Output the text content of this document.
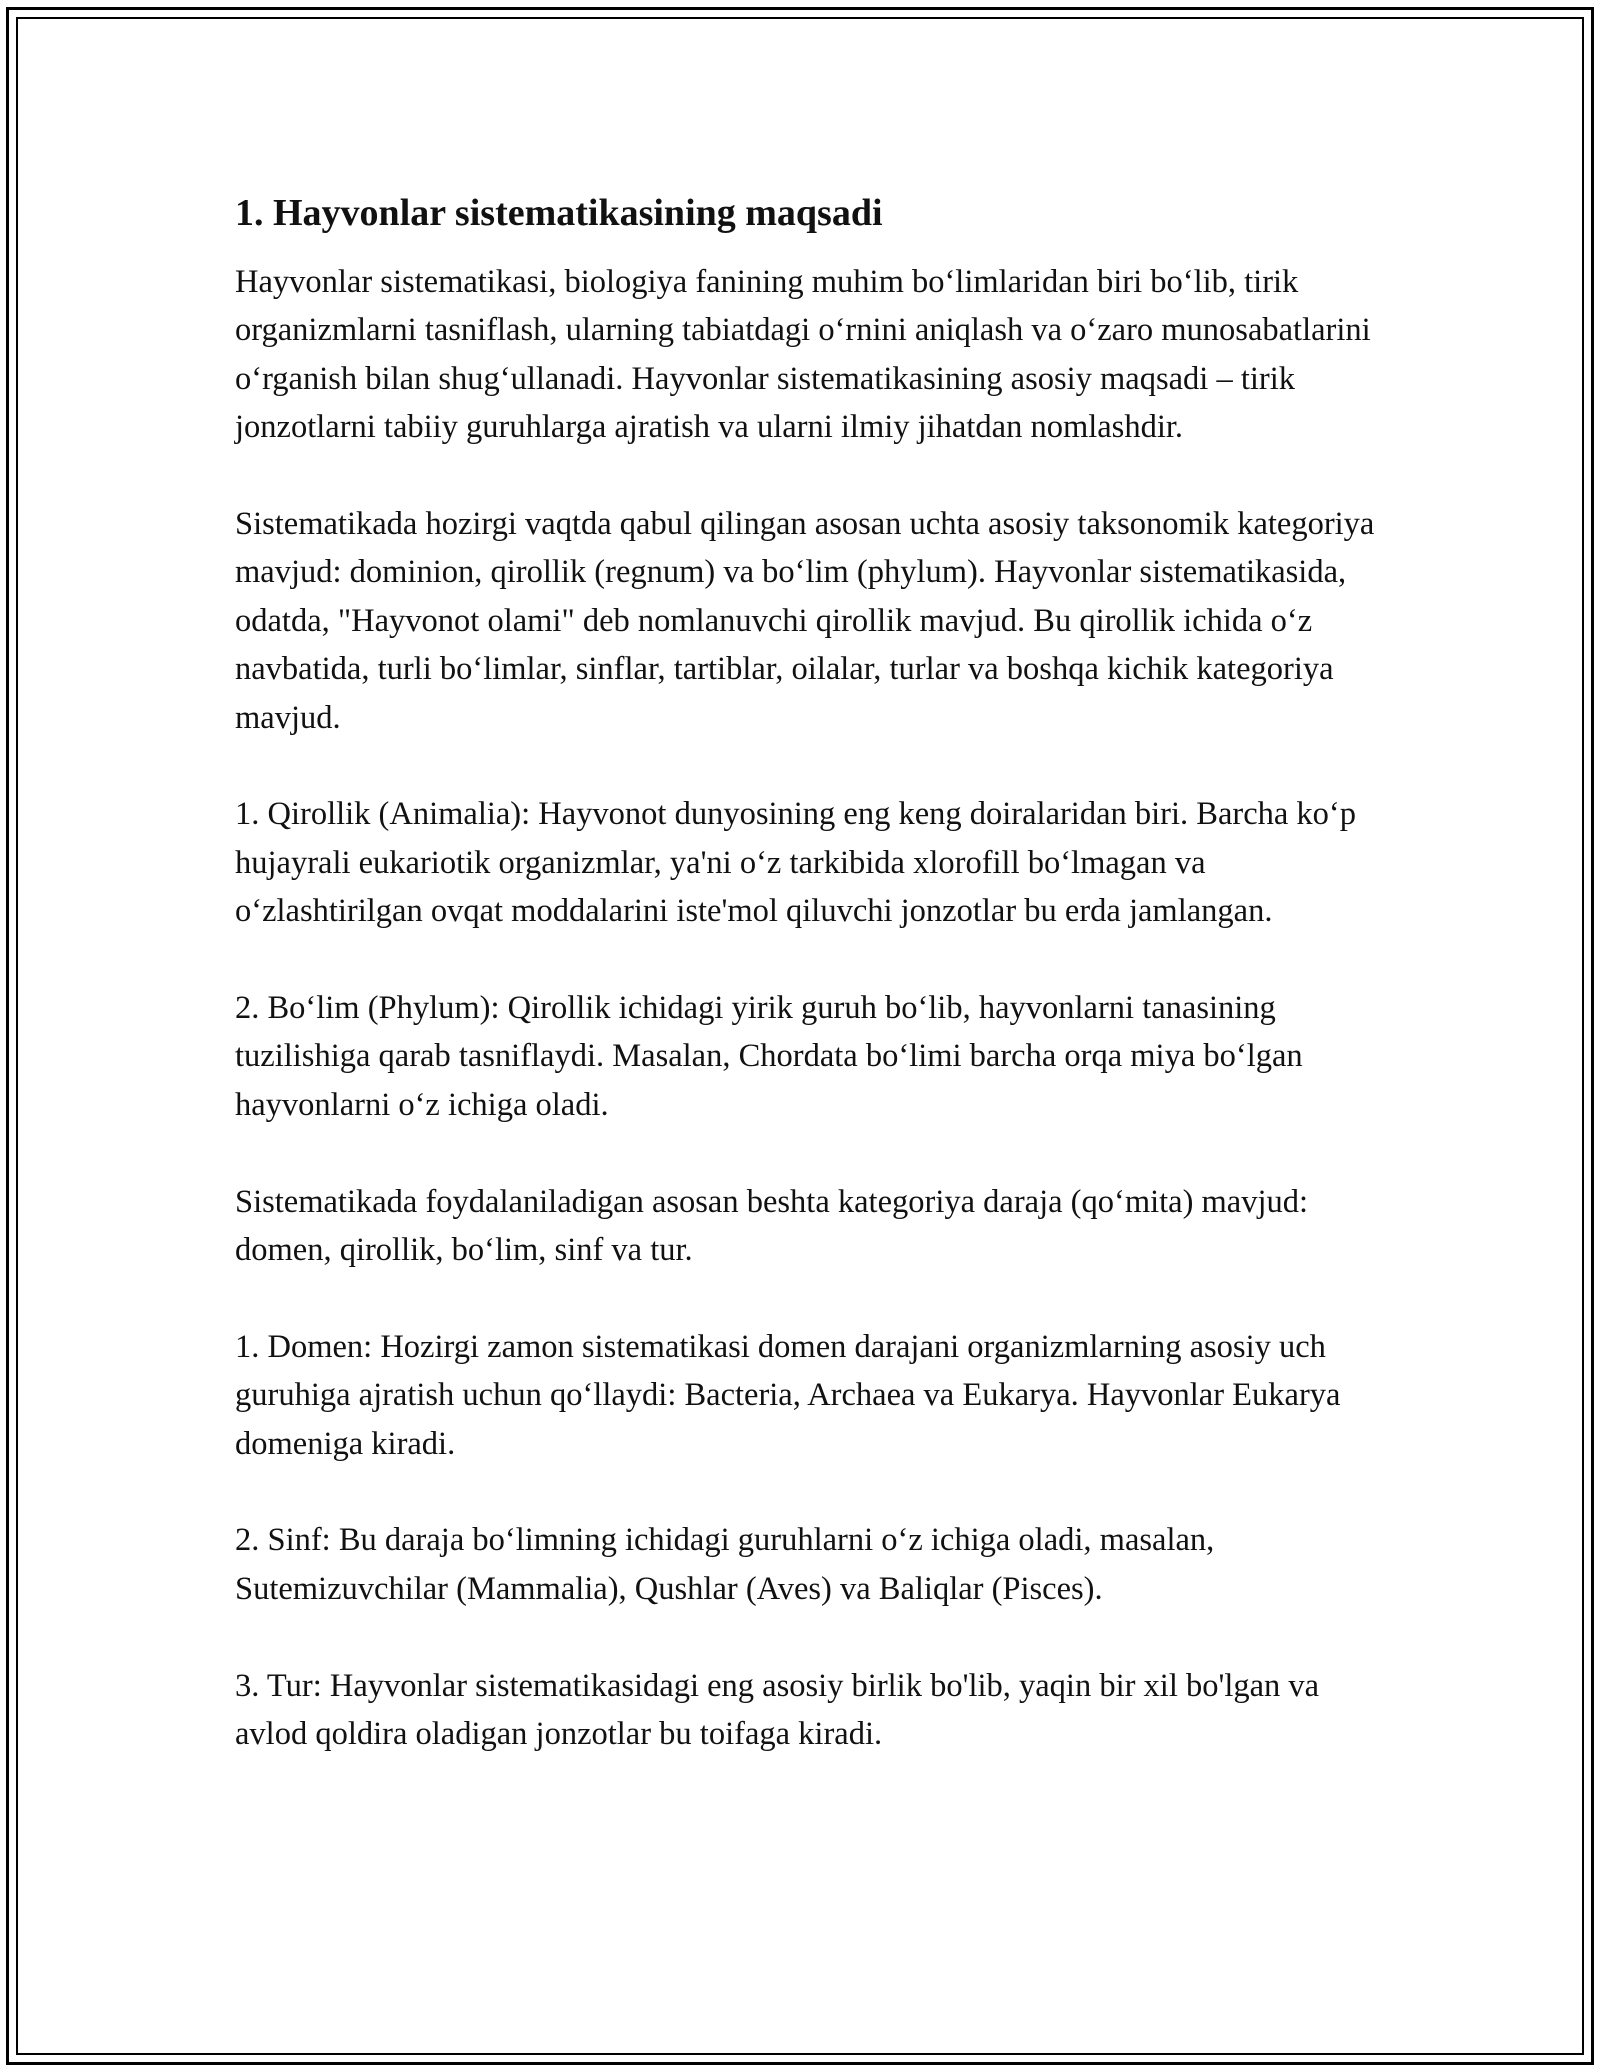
1. Hayvonlar sistematikasining maqsadi

Hayvonlar sistematikasi, biologiya fanining muhim bo‘limlaridan biri bo‘lib, tirik organizmlarni tasniflash, ularning tabiatdagi o‘rnini aniqlash va o‘zaro munosabatlarini o‘rganish bilan shug‘ullanadi. Hayvonlar sistematikasining asosiy maqsadi – tirik jonzotlarni tabiiy guruhlarga ajratish va ularni ilmiy jihatdan nomlashdir.

Sistematikada hozirgi vaqtda qabul qilingan asosan uchta asosiy taksonomik kategoriya mavjud: dominion, qirollik (regnum) va bo‘lim (phylum). Hayvonlar sistematikasida, odatda, "Hayvonot olami" deb nomlanuvchi qirollik mavjud. Bu qirollik ichida o‘z navbatida, turli bo‘limlar, sinflar, tartiblar, oilalar, turlar va boshqa kichik kategoriya mavjud.

1. Qirollik (Animalia): Hayvonot dunyosining eng keng doiralaridan biri. Barcha ko‘p hujayrali eukariotik organizmlar, ya'ni o‘z tarkibida xlorofill bo‘lmagan va o‘zlashtirilgan ovqat moddalarini iste'mol qiluvchi jonzotlar bu erda jamlangan.

2. Bo‘lim (Phylum): Qirollik ichidagi yirik guruh bo‘lib, hayvonlarni tanasining tuzilishiga qarab tasniflaydi. Masalan, Chordata bo‘limi barcha orqa miya bo‘lgan hayvonlarni o‘z ichiga oladi.

Sistematikada foydalaniladigan asosan beshta kategoriya daraja (qo‘mita) mavjud: domen, qirollik, bo‘lim, sinf va tur.

1. Domen: Hozirgi zamon sistematikasi domen darajani organizmlarning asosiy uch guruhiga ajratish uchun qo‘llaydi: Bacteria, Archaea va Eukarya. Hayvonlar Eukarya domeniga kiradi.

2. Sinf: Bu daraja bo‘limning ichidagi guruhlarni o‘z ichiga oladi, masalan, Sutemizuvchilar (Mammalia), Qushlar (Aves) va Baliqlar (Pisces).

3. Tur: Hayvonlar sistematikasidagi eng asosiy birlik bo'lib, yaqin bir xil bo'lgan va avlod qoldira oladigan jonzotlar bu toifaga kiradi.
